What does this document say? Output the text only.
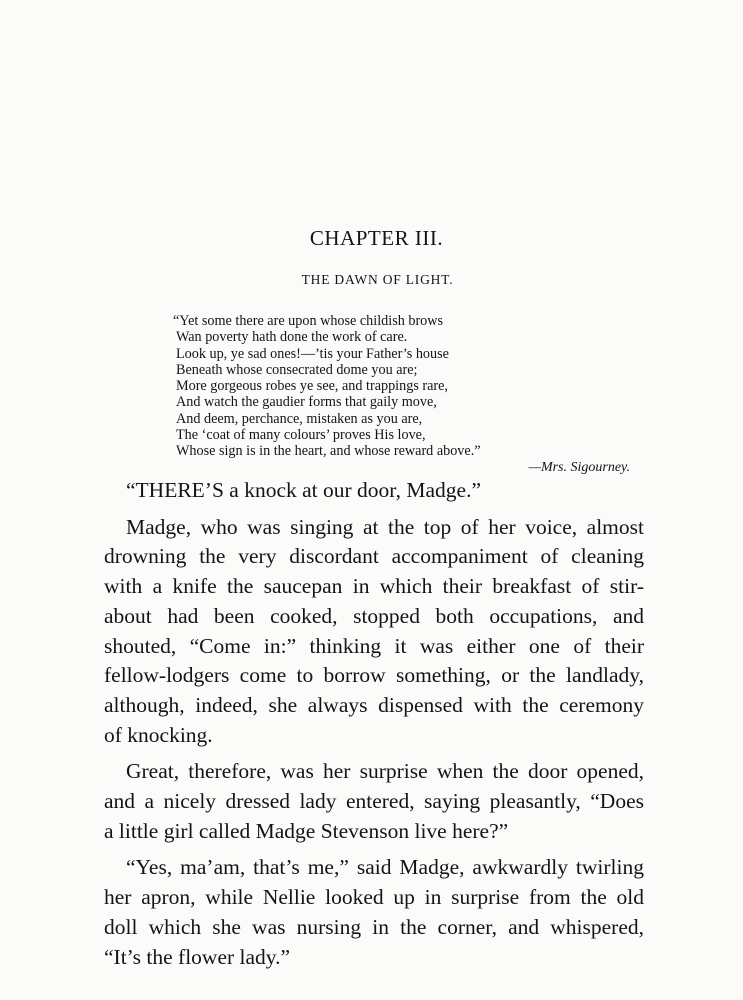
CHAPTER III.
THE DAWN OF LIGHT.
“Yet some there are upon whose childish brows
Wan poverty hath done the work of care.
Look up, ye sad ones!—’tis your Father’s house
Beneath whose consecrated dome you are;
More gorgeous robes ye see, and trappings rare,
And watch the gaudier forms that gaily move,
And deem, perchance, mistaken as you are,
The ‘coat of many colours’ proves His love,
Whose sign is in the heart, and whose reward above.”
—Mrs. Sigourney.

“THERE’S a knock at our door, Madge.”

Madge, who was singing at the top of her voice, almost

drowning the very discordant accompaniment of cleaning
with a knife the saucepan in which their breakfast of stir-
about had been cooked, stopped both occupations, and
shouted, “Come in:” thinking it was either one of their
fellow-lodgers come to borrow something, or the landlady,
although, indeed, she always dispensed with the ceremony
of knocking.

Great, therefore, was her surprise when the door opened,

and a nicely dressed lady entered, saying pleasantly, “Does
a little girl called Madge Stevenson live here?”

“Yes, ma’am, that’s me,” said Madge, awkwardly twirling

her apron, while Nellie looked up in surprise from the old
doll which she was nursing in the corner, and whispered,
“It’s the flower lady.”
